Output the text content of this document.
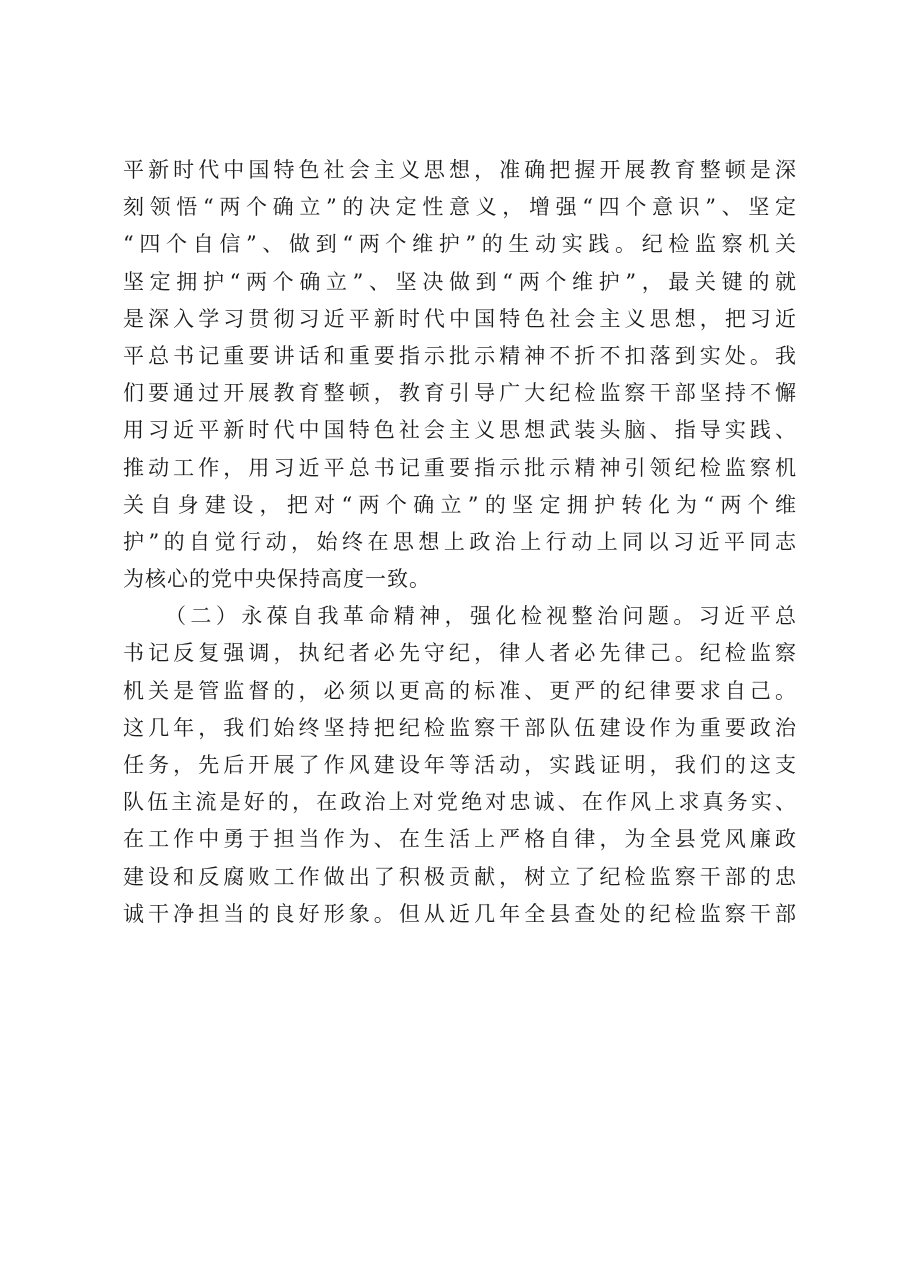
平新时代中国特色社会主义思想，准确把握开展教育整顿是深
刻领悟“两个确立”的决定性意义，增强“四个意识”、坚定
“四个自信”、做到“两个维护”的生动实践。纪检监察机关
坚定拥护“两个确立”、坚决做到“两个维护”，最关键的就
是深入学习贯彻习近平新时代中国特色社会主义思想，把习近
平总书记重要讲话和重要指示批示精神不折不扣落到实处。我
们要通过开展教育整顿，教育引导广大纪检监察干部坚持不懈
用习近平新时代中国特色社会主义思想武装头脑、指导实践、
推动工作，用习近平总书记重要指示批示精神引领纪检监察机
关自身建设，把对“两个确立”的坚定拥护转化为“两个维
护”的自觉行动，始终在思想上政治上行动上同以习近平同志
为核心的党中央保持高度一致。
（二）永葆自我革命精神，强化检视整治问题。习近平总
书记反复强调，执纪者必先守纪，律人者必先律己。纪检监察
机关是管监督的，必须以更高的标准、更严的纪律要求自己。
这几年，我们始终坚持把纪检监察干部队伍建设作为重要政治
任务，先后开展了作风建设年等活动，实践证明，我们的这支
队伍主流是好的，在政治上对党绝对忠诚、在作风上求真务实、
在工作中勇于担当作为、在生活上严格自律，为全县党风廉政
建设和反腐败工作做出了积极贡献，树立了纪检监察干部的忠
诚干净担当的良好形象。但从近几年全县查处的纪检监察干部
